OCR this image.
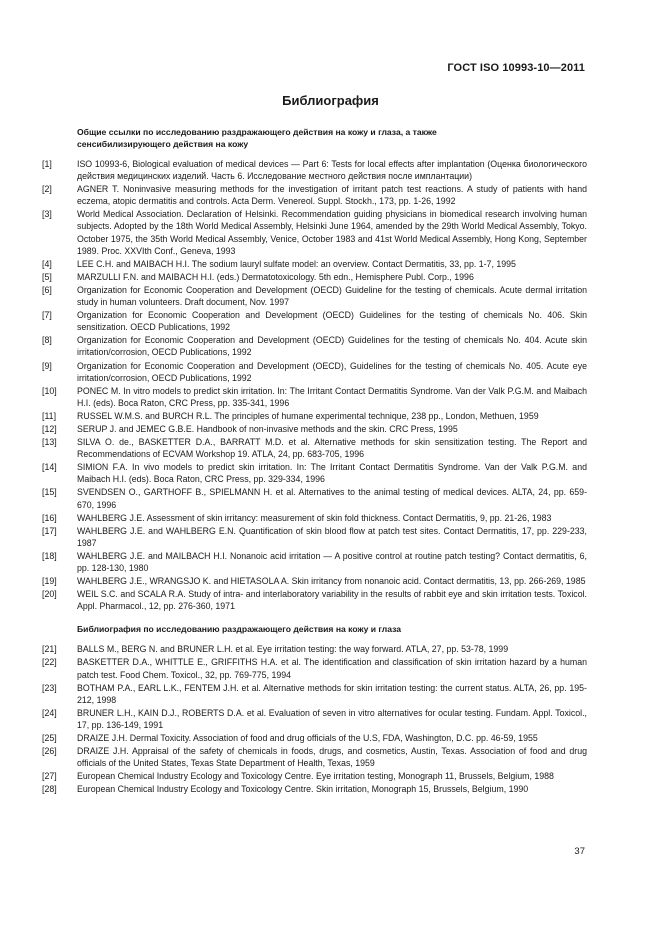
ГОСТ ISO 10993-10—2011
Библиография
Общие ссылки по исследованию раздражающего действия на кожу и глаза, а также сенсибилизирующего действия на кожу
[1]	ISO 10993-6, Biological evaluation of medical devices — Part 6: Tests for local effects after implantation (Оценка биологического действия медицинских изделий. Часть 6. Исследование местного действия после имплантации)
[2]	AGNER T. Noninvasive measuring methods for the investigation of irritant patch test reactions. A study of patients with hand eczema, atopic dermatitis and controls. Acta Derm. Venereol. Suppl. Stockh., 173, pp. 1-26, 1992
[3]	World Medical Association. Declaration of Helsinki. Recommendation guiding physicians in biomedical research involving human subjects. Adopted by the 18th World Medical Assembly, Helsinki June 1964, amended by the 29th World Medical Assembly, Tokyo. October 1975, the 35th World Medical Assembly, Venice, October 1983 and 41st World Medical Assembly, Hong Kong, September 1989. Proc. XXVIth Conf., Geneva, 1993
[4]	LEE C.H. and MAIBACH H.I. The sodium lauryl sulfate model: an overview. Contact Dermatitis, 33, pp. 1-7, 1995
[5]	MARZULLI F.N. and MAIBACH H.I. (eds.) Dermatotoxicology. 5th edn., Hemisphere Publ. Corp., 1996
[6]	Organization for Economic Cooperation and Development (OECD) Guideline for the testing of chemicals. Acute dermal irritation study in human volunteers. Draft document, Nov. 1997
[7]	Organization for Economic Cooperation and Development (OECD) Guidelines for the testing of chemicals No. 406. Skin sensitization. OECD Publications, 1992
[8]	Organization for Economic Cooperation and Development (OECD) Guidelines for the testing of chemicals No. 404. Acute skin irritation/corrosion, OECD Publications, 1992
[9]	Organization for Economic Cooperation and Development (OECD), Guidelines for the testing of chemicals No. 405. Acute eye irritation/corrosion, OECD Publications, 1992
[10]	PONEC M. In vitro models to predict skin irritation. In: The Irritant Contact Dermatitis Syndrome. Van der Valk P.G.M. and Maibach H.I. (eds). Boca Raton, CRC Press, pp. 335-341, 1996
[11]	RUSSEL W.M.S. and BURCH R.L. The principles of humane experimental technique, 238 pp., London, Methuen, 1959
[12]	SERUP J. and JEMEC G.B.E. Handbook of non-invasive methods and the skin. CRC Press, 1995
[13]	SILVA O. de., BASKETTER D.A., BARRATT M.D. et al. Alternative methods for skin sensitization testing. The Report and Recommendations of ECVAM Workshop 19. ATLA, 24, pp. 683-705, 1996
[14]	SIMION F.A. In vivo models to predict skin irritation. In: The Irritant Contact Dermatitis Syndrome. Van der Valk P.G.M. and Maibach H.I. (eds). Boca Raton, CRC Press, pp. 329-334, 1996
[15]	SVENDSEN O., GARTHOFF B., SPIELMANN H. et al. Alternatives to the animal testing of medical devices. ALTA, 24, pp. 659-670, 1996
[16]	WAHLBERG J.E. Assessment of skin irritancy: measurement of skin fold thickness. Contact Dermatitis, 9, pp. 21-26, 1983
[17]	WAHLBERG J.E. and WAHLBERG E.N. Quantification of skin blood flow at patch test sites. Contact Dermatitis, 17, pp. 229-233, 1987
[18]	WAHLBERG J.E. and MAILBACH H.I. Nonanoic acid irritation — A positive control at routine patch testing? Contact dermatitis, 6, pp. 128-130, 1980
[19]	WAHLBERG J.E., WRANGSJO K. and HIETASOLA A. Skin irritancy from nonanoic acid. Contact dermatitis, 13, pp. 266-269, 1985
[20]	WEIL S.C. and SCALA R.A. Study of intra- and interlaboratory variability in the results of rabbit eye and skin irritation tests. Toxicol. Appl. Pharmacol., 12, pp. 276-360, 1971
Библиография по исследованию раздражающего действия на кожу и глаза
[21]	BALLS M., BERG N. and BRUNER L.H. et al. Eye irritation testing: the way forward. ATLA, 27, pp. 53-78, 1999
[22]	BASKETTER D.A., WHITTLE E., GRIFFITHS H.A. et al. The identification and classification of skin irritation hazard by a human patch test. Food Chem. Toxicol., 32, pp. 769-775, 1994
[23]	BOTHAM P.A., EARL L.K., FENTEM J.H. et al. Alternative methods for skin irritation testing: the current status. ALTA, 26, pp. 195-212, 1998
[24]	BRUNER L.H., KAIN D.J., ROBERTS D.A. et al. Evaluation of seven in vitro alternatives for ocular testing. Fundam. Appl. Toxicol., 17, pp. 136-149, 1991
[25]	DRAIZE J.H. Dermal Toxicity. Association of food and drug officials of the U.S, FDA, Washington, D.C. pp. 46-59, 1955
[26]	DRAIZE J.H. Appraisal of the safety of chemicals in foods, drugs, and cosmetics, Austin, Texas. Association of food and drug officials of the United States, Texas State Department of Health, Texas, 1959
[27]	European Chemical Industry Ecology and Toxicology Centre. Eye irritation testing, Monograph 11, Brussels, Belgium, 1988
[28]	European Chemical Industry Ecology and Toxicology Centre. Skin irritation, Monograph 15, Brussels, Belgium, 1990
37
